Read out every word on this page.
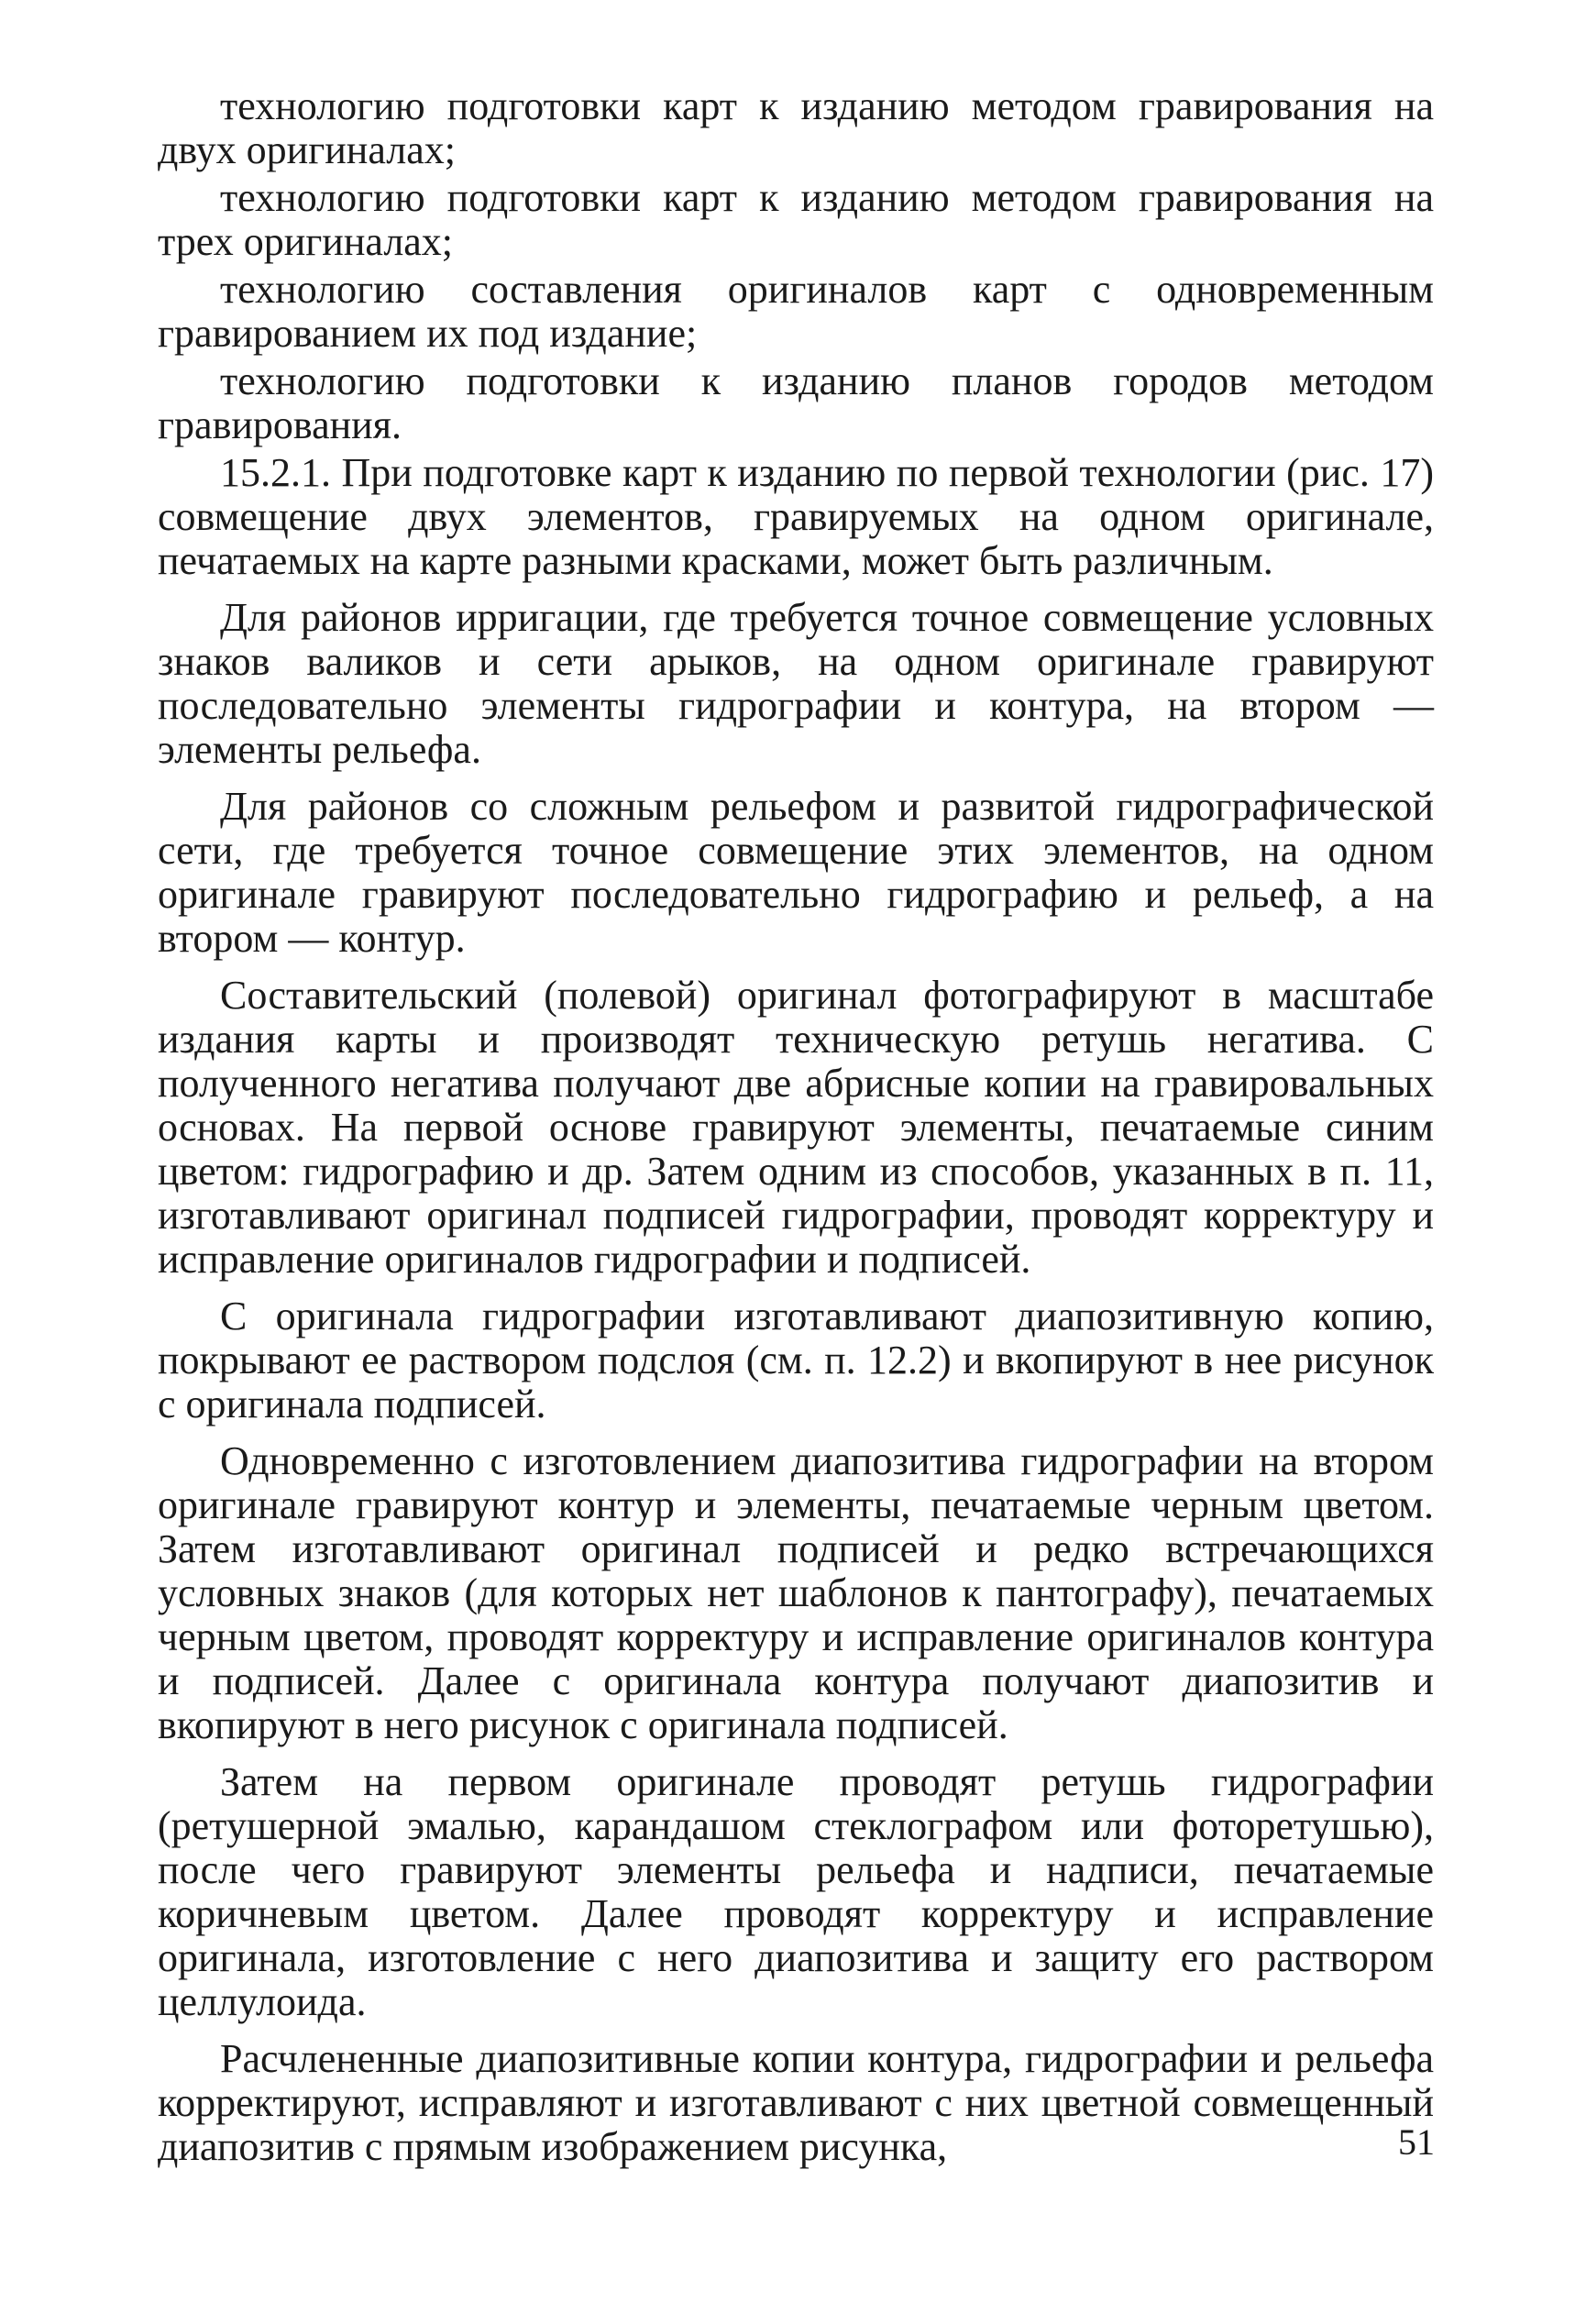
технологию подготовки карт к изданию методом гравирования на двух оригиналах;

технологию подготовки карт к изданию методом гравирования на трех оригиналах;

технологию составления оригиналов карт с одновременным гравированием их под издание;

технологию подготовки к изданию планов городов методом гравирования.

15.2.1. При подготовке карт к изданию по первой технологии (рис. 17) совмещение двух элементов, гравируемых на одном оригинале, печатаемых на карте разными красками, может быть различным.

Для районов ирригации, где требуется точное совмещение условных знаков валиков и сети арыков, на одном оригинале гравируют последовательно элементы гидрографии и контура, на втором — элементы рельефа.

Для районов со сложным рельефом и развитой гидрографической сети, где требуется точное совмещение этих элементов, на одном оригинале гравируют последовательно гидрографию и рельеф, а на втором — контур.

Составительский (полевой) оригинал фотографируют в масштабе издания карты и производят техническую ретушь негатива. С полученного негатива получают две абрисные копии на гравировальных основах. На первой основе гравируют элементы, печатаемые синим цветом: гидрографию и др. Затем одним из способов, указанных в п. 11, изготавливают оригинал подписей гидрографии, проводят корректуру и исправление оригиналов гидрографии и подписей.

С оригинала гидрографии изготавливают диапозитивную копию, покрывают ее раствором подслоя (см. п. 12.2) и вкопируют в нее рисунок с оригинала подписей.

Одновременно с изготовлением диапозитива гидрографии на втором оригинале гравируют контур и элементы, печатаемые черным цветом. Затем изготавливают оригинал подписей и редко встречающихся условных знаков (для которых нет шаблонов к пантографу), печатаемых черным цветом, проводят корректуру и исправление оригиналов контура и подписей. Далее с оригинала контура получают диапозитив и вкопируют в него рисунок с оригинала подписей.

Затем на первом оригинале проводят ретушь гидрографии (ретушерной эмалью, карандашом стеклографом или фоторетушью), после чего гравируют элементы рельефа и надписи, печатаемые коричневым цветом. Далее проводят корректуру и исправление оригинала, изготовление с него диапозитива и защиту его раствором целлулоида.

Расчлененные диапозитивные копии контура, гидрографии и рельефа корректируют, исправляют и изготавливают с них цветной совмещенный диапозитив с прямым изображением рисунка,	51
